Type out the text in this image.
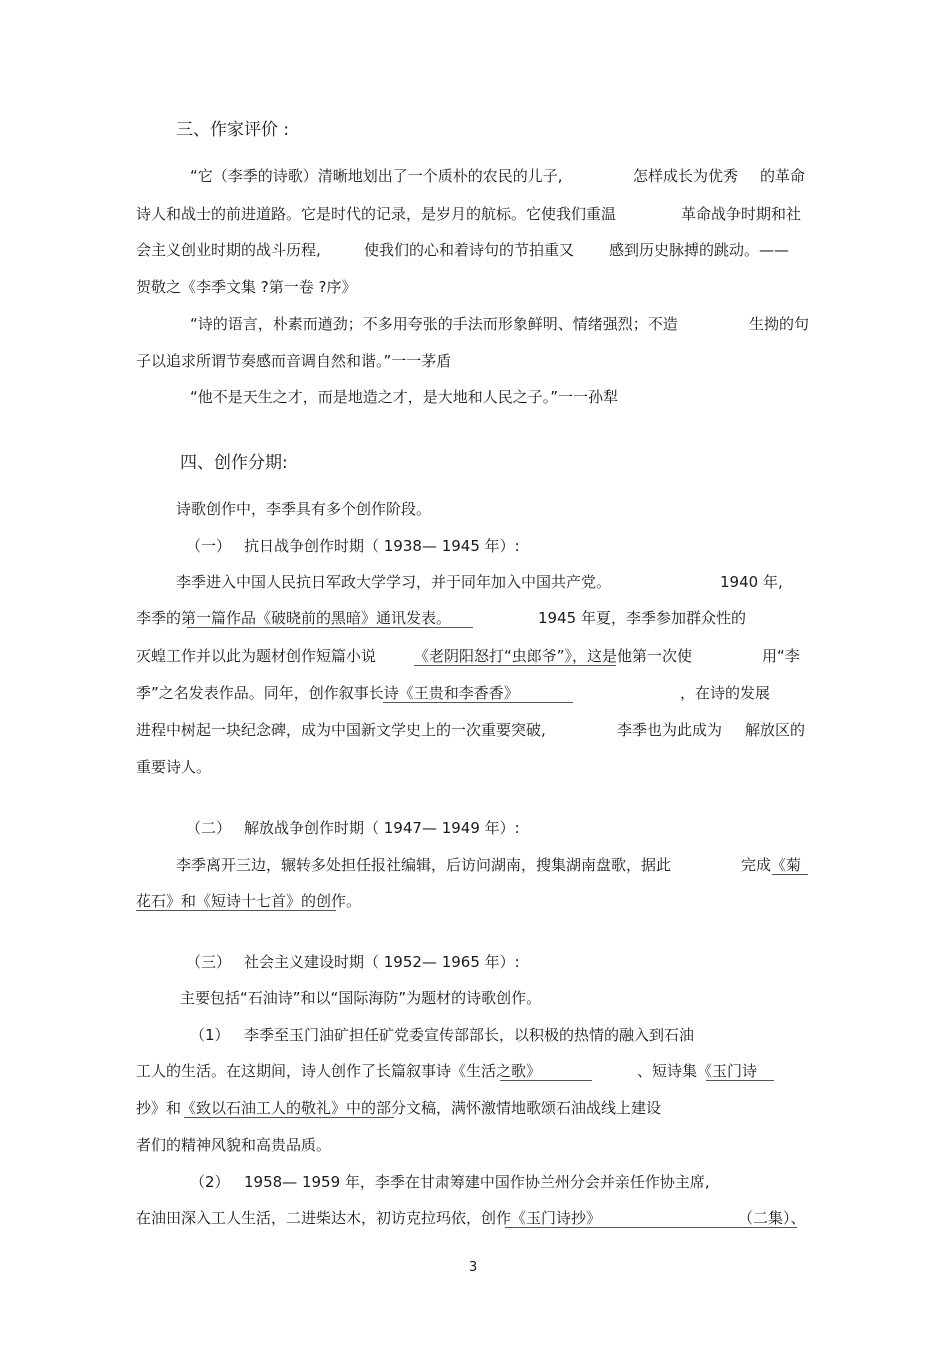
三、作家评价 :
“它（李季的诗歌）清晰地划出了一个质朴的农民的儿子,	怎样成长为优秀 的革命
诗人和战士的前进道路。它是时代的记录，是岁月的航标。它使我们重温	革命战争时期和社
会主义创业时期的战斗历程,	使我们的心和着诗句的节拍重又 感到历史脉搏的跳动。——
贺敬之《李季文集 ?第一卷 ?序》
“诗的语言，朴素而遒劲；不多用夸张的手法而形象鲜明、情绪强烈；不造	生拗的句
子以追求所谓节奏感而音调自然和谐。”一一茅盾
“他不是天生之才，而是地造之才，是大地和人民之子。”一一孙犁
四、创作分期:
诗歌创作中，李季具有多个创作阶段。
（一） 抗日战争创作时期（ 1938— 1945 年）:
李季进入中国人民抗日军政大学学习，并于同年加入中国共产党。	1940 年,
李季的第一篇作品《破晓前的黑暗》通讯发表。	1945 年夏，李季参加群众性的
灭蝗工作并以此为题材创作短篇小说	《老阴阳怒打“虫郎爷”》，这是他第一次使	用“李
季”之名发表作品。同年，创作叙事长诗《王贵和李香香》	，在诗的发展
进程中树起一块纪念碑，成为中国新文学史上的一次重要突破,	李季也为此成为 解放区的
重要诗人。
（二） 解放战争创作时期（ 1947— 1949 年）:
李季离开三边，辗转多处担任报社编辑，后访问湖南，搜集湖南盘歌，据此	完成《菊
花石》和《短诗十七首》的创作。
（三） 社会主义建设时期（ 1952— 1965 年）:
主要包括“石油诗”和以“国际海防”为题材的诗歌创作。
（1） 李季至玉门油矿担任矿党委宣传部部长，以积极的热情的融入到石油
工人的生活。在这期间，诗人创作了长篇叙事诗《生活之歌》	、短诗集《玉门诗
抄》和《致以石油工人的敬礼》中的部分文稿，满怀激情地歌颂石油战线上建设
者们的精神风貌和高贵品质。
（2） 1958— 1959 年，李季在甘肃筹建中国作协兰州分会并亲任作协主席,
在油田深入工人生活，二进柴达木，初访克拉玛依，创作《玉门诗抄》	（二集）、
3
